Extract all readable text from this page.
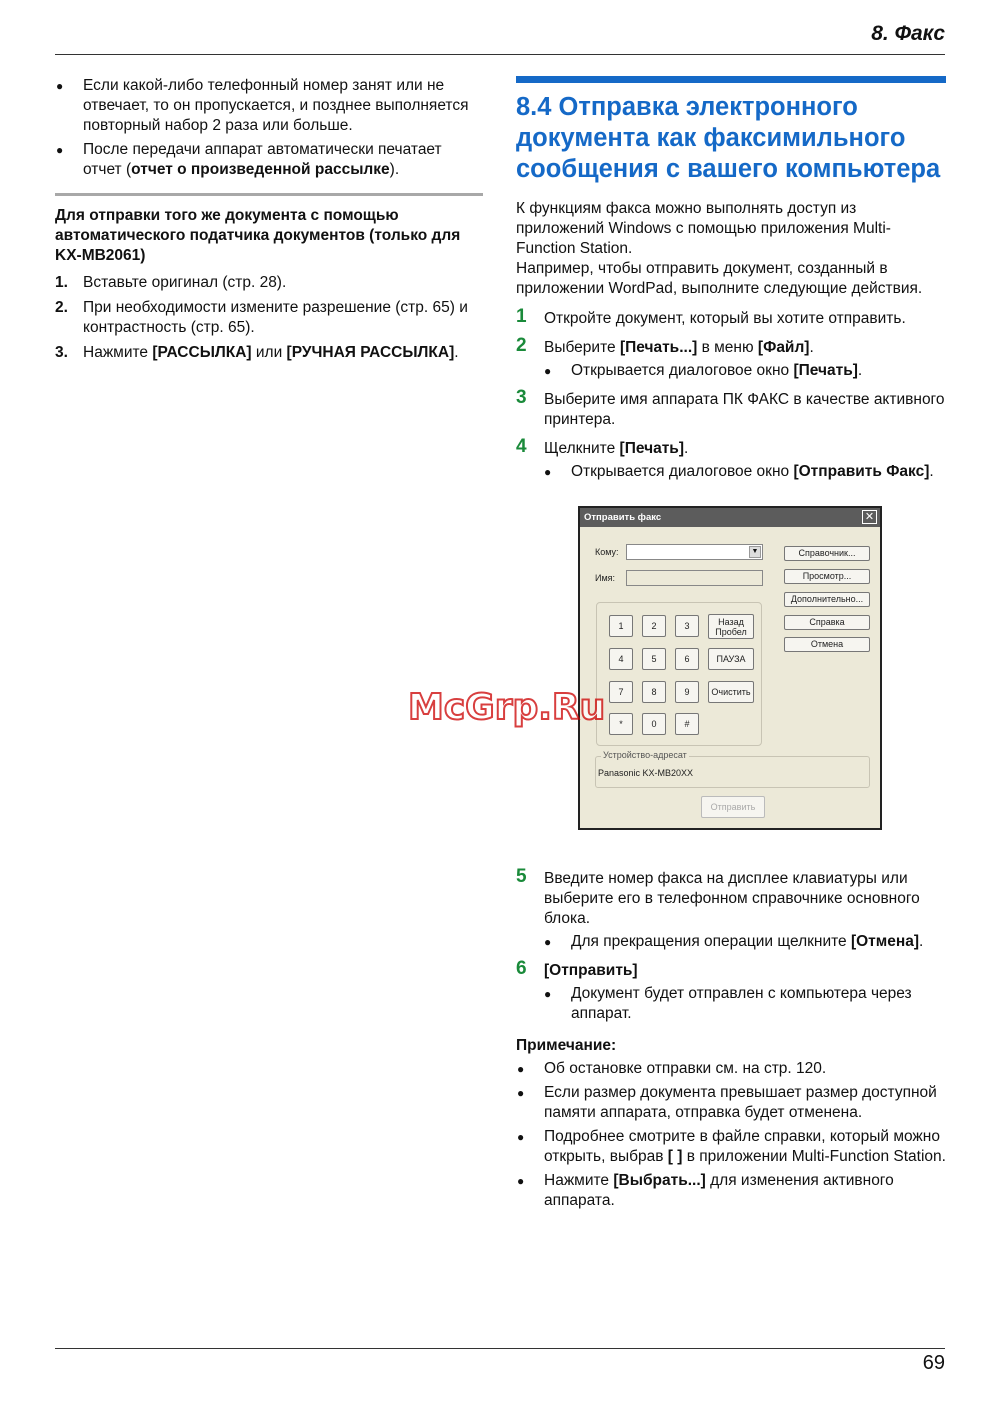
8. Факс
● Если какой-либо телефонный номер занят или не отвечает, то он пропускается, и позднее выполняется повторный набор 2 раза или больше.
● После передачи аппарат автоматически печатает отчет (отчет о произведенной рассылке).
Для отправки того же документа с помощью автоматического податчика документов (только для KX-MB2061)
1. Вставьте оригинал (стр. 28).
2. При необходимости измените разрешение (стр. 65) и контрастность (стр. 65).
3. Нажмите [РАССЫЛКА] или [РУЧНАЯ РАССЫЛКА].
8.4 Отправка электронного документа как факсимильного сообщения с вашего компьютера
К функциям факса можно выполнять доступ из приложений Windows с помощью приложения Multi-Function Station.
Например, чтобы отправить документ, созданный в приложении WordPad, выполните следующие действия.
1 Откройте документ, который вы хотите отправить.
2 Выберите [Печать...] в меню [Файл].
● Открывается диалоговое окно [Печать].
3 Выберите имя аппарата ПК ФАКС в качестве активного принтера.
4 Щелкните [Печать].
● Открывается диалоговое окно [Отправить Факс].
5 Введите номер факса на дисплее клавиатуры или выберите его в телефонном справочнике основного блока.
● Для прекращения операции щелкните [Отмена].
6 [Отправить]
● Документ будет отправлен с компьютера через аппарат.
Примечание:
● Об остановке отправки см. на стр. 120.
● Если размер документа превышает размер доступной памяти аппарата, отправка будет отменена.
● Подробнее смотрите в файле справки, который можно открыть, выбрав [ ] в приложении Multi-Function Station.
● Нажмите [Выбрать...] для изменения активного аппарата.
Отправить факс	✕
Кому:	▼
Имя:
1	2	3	Назад
Пробел
4	5	6	ПАУЗА
7	8	9	Очистить
*	0	#
Справочник...
Просмотр...
Дополнительно...
Справка
Отмена
Устройство-адресат
Panasonic KX-MB20XX
Отправить
McGrp.Ru
69
